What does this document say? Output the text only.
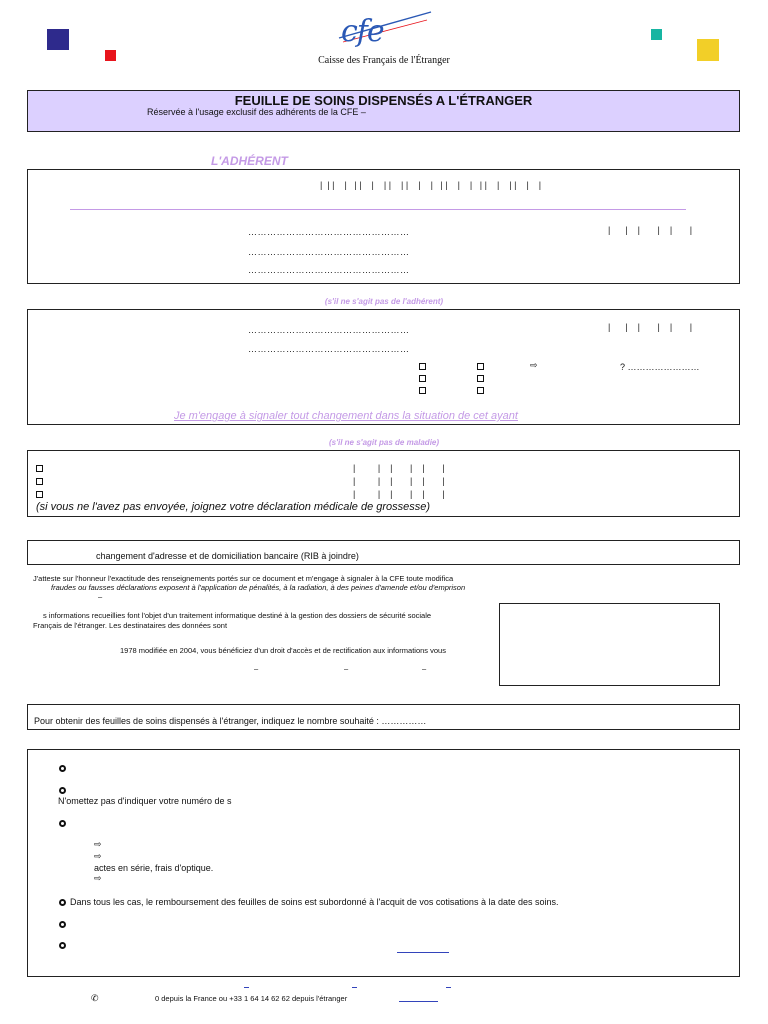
cfe
Caisse des Français de l'Étranger
FEUILLE DE SOINS DISPENSÉS A L'ÉTRANGER
Réservée à l'usage exclusif des adhérents de la CFE –
L'ADHÉRENT
|  | |    |   | |    |    | |    | |    |    |   | |    |    |   | |    |    | |    |    |
……………………………………………	|      |    |       |    |       |
……………………………………………
……………………………………………
(s'il ne s'agit pas de l'adhérent)
……………………………………………	|      |    |       |    |       |
……………………………………………
⇨	? ……………………
Je m'engage à signaler tout changement dans la situation de cet ayant
(s'il ne s'agit pas de maladie)
|         |    |       |    |       |
|         |    |       |    |       |
|         |    |       |    |       |
(si vous ne l'avez pas envoyée, joignez votre déclaration médicale de grossesse)
changement d'adresse et de domiciliation bancaire (RIB à joindre)
J'atteste sur l'honneur l'exactitude des renseignements portés sur ce document et m'engage à signaler à la CFE toute modifica
fraudes ou fausses déclarations exposent à l'application de pénalités, à la radiation, à des peines d'amende et/ou d'emprison
–
s informations recueillies font l'objet d'un traitement informatique destiné à la gestion des dossiers de sécurité sociale
Français de l'étranger. Les destinataires des données sont
1978 modifiée en 2004, vous bénéficiez d'un droit d'accès et de rectification aux informations vous
–	–	–
Pour obtenir des feuilles de soins dispensés à l'étranger, indiquez le nombre souhaité : ……………
N'omettez pas d'indiquer votre numéro de s
⇨
⇨
actes en série, frais d'optique.
⇨
Dans tous les cas, le remboursement des feuilles de soins est subordonné à l'acquit de vos cotisations à la date des soins.
✆	0 depuis la France ou +33 1 64 14 62 62 depuis l'étranger
